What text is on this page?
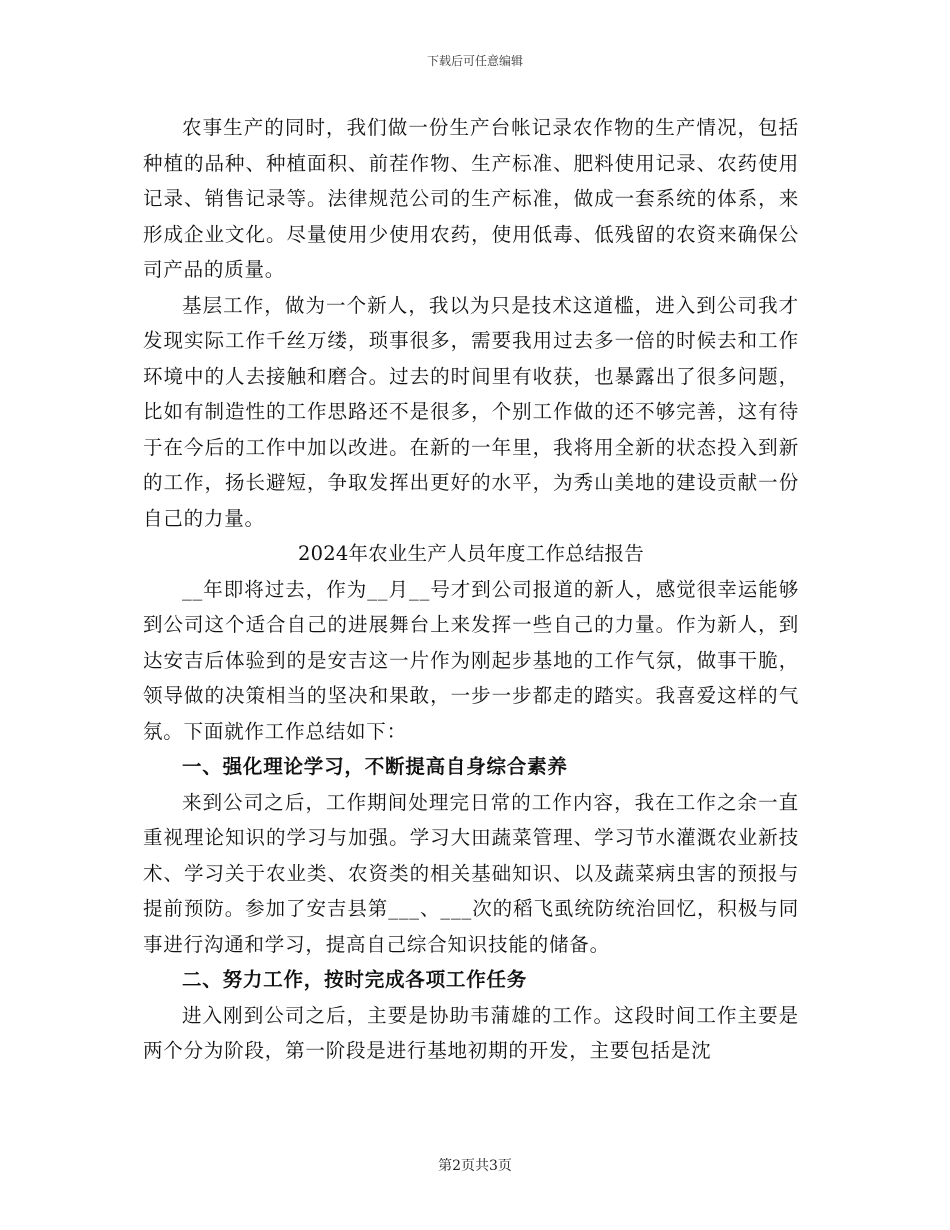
下载后可任意编辑

农事生产的同时，我们做一份生产台帐记录农作物的生产情况，包括种植的品种、种植面积、前茬作物、生产标准、肥料使用记录、农药使用记录、销售记录等。法律规范公司的生产标准，做成一套系统的体系，来形成企业文化。尽量使用少使用农药，使用低毒、低残留的农资来确保公司产品的质量。

基层工作，做为一个新人，我以为只是技术这道槛，进入到公司我才发现实际工作千丝万缕，琐事很多，需要我用过去多一倍的时候去和工作环境中的人去接触和磨合。过去的时间里有收获，也暴露出了很多问题，比如有制造性的工作思路还不是很多，个别工作做的还不够完善，这有待于在今后的工作中加以改进。在新的一年里，我将用全新的状态投入到新的工作，扬长避短，争取发挥出更好的水平，为秀山美地的建设贡献一份自己的力量。

2024年农业生产人员年度工作总结报告

__年即将过去，作为__月__号才到公司报道的新人，感觉很幸运能够到公司这个适合自己的进展舞台上来发挥一些自己的力量。作为新人，到达安吉后体验到的是安吉这一片作为刚起步基地的工作气氛，做事干脆，领导做的决策相当的坚决和果敢，一步一步都走的踏实。我喜爱这样的气氛。下面就作工作总结如下：

一、强化理论学习，不断提高自身综合素养

来到公司之后，工作期间处理完日常的工作内容，我在工作之余一直重视理论知识的学习与加强。学习大田蔬菜管理、学习节水灌溉农业新技术、学习关于农业类、农资类的相关基础知识、以及蔬菜病虫害的预报与提前预防。参加了安吉县第___、___次的稻飞虱统防统治回忆，积极与同事进行沟通和学习，提高自己综合知识技能的储备。

二、努力工作，按时完成各项工作任务

进入刚到公司之后，主要是协助韦蒲雄的工作。这段时间工作主要是两个分为阶段，第一阶段是进行基地初期的开发，主要包括是沈

第2页共3页
